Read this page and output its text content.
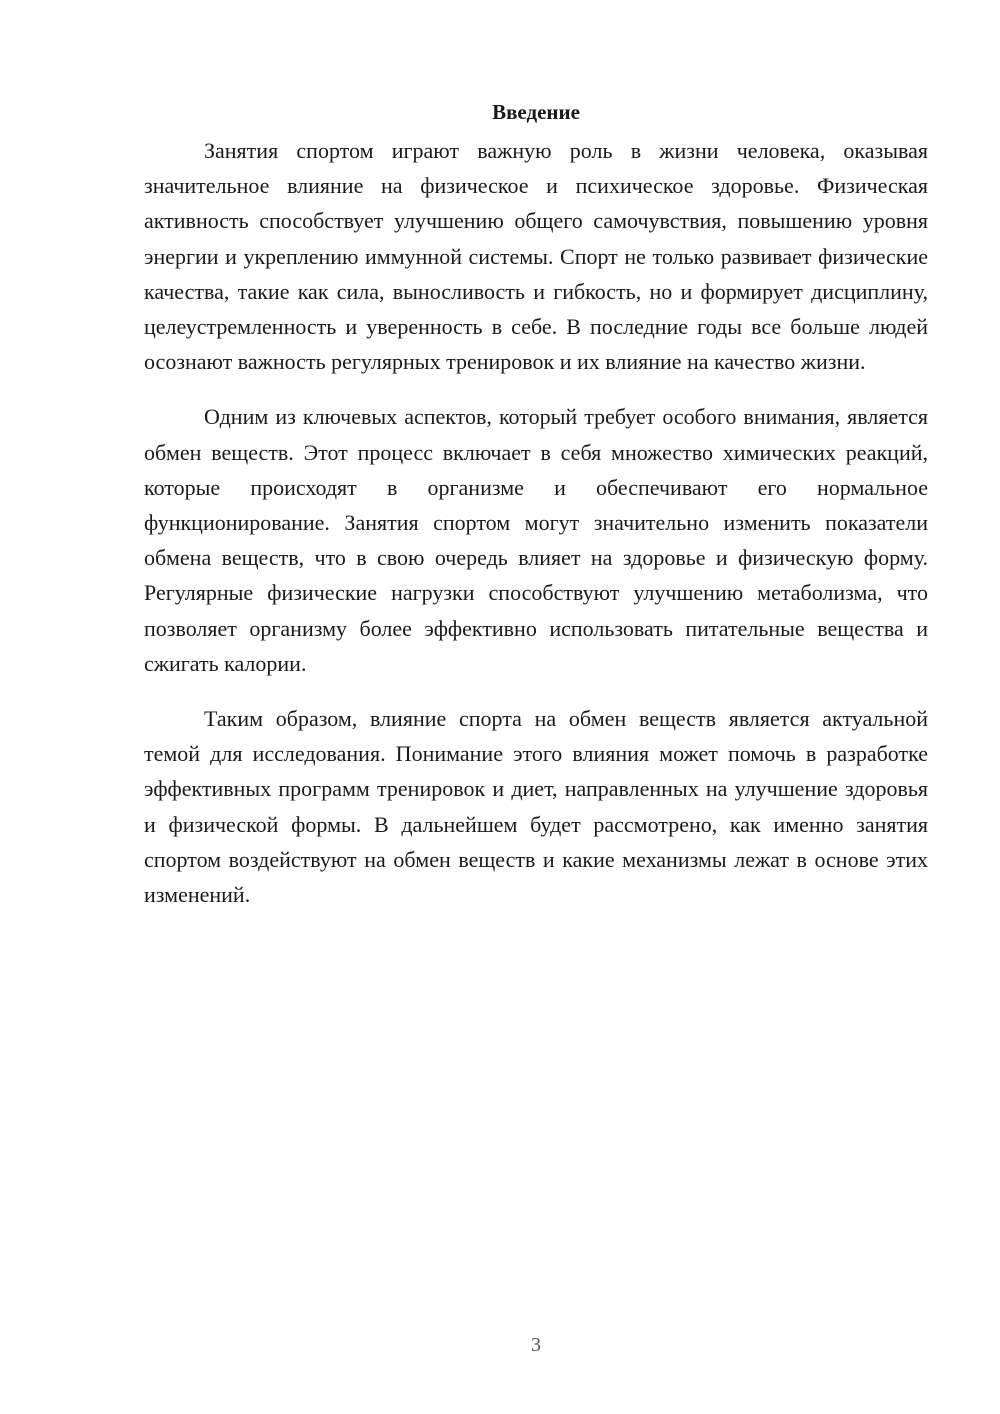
Введение

Занятия спортом играют важную роль в жизни человека, оказывая значительное влияние на физическое и психическое здоровье. Физическая активность способствует улучшению общего самочувствия, повышению уровня энергии и укреплению иммунной системы. Спорт не только развивает физические качества, такие как сила, выносливость и гибкость, но и формирует дисциплину, целеустремленность и уверенность в себе. В последние годы все больше людей осознают важность регулярных тренировок и их влияние на качество жизни.

Одним из ключевых аспектов, который требует особого внимания, является обмен веществ. Этот процесс включает в себя множество химических реакций, которые происходят в организме и обеспечивают его нормальное функционирование. Занятия спортом могут значительно изменить показатели обмена веществ, что в свою очередь влияет на здоровье и физическую форму. Регулярные физические нагрузки способствуют улучшению метаболизма, что позволяет организму более эффективно использовать питательные вещества и сжигать калории.

Таким образом, влияние спорта на обмен веществ является актуальной темой для исследования. Понимание этого влияния может помочь в разработке эффективных программ тренировок и диет, направленных на улучшение здоровья и физической формы. В дальнейшем будет рассмотрено, как именно занятия спортом воздействуют на обмен веществ и какие механизмы лежат в основе этих изменений.

3
